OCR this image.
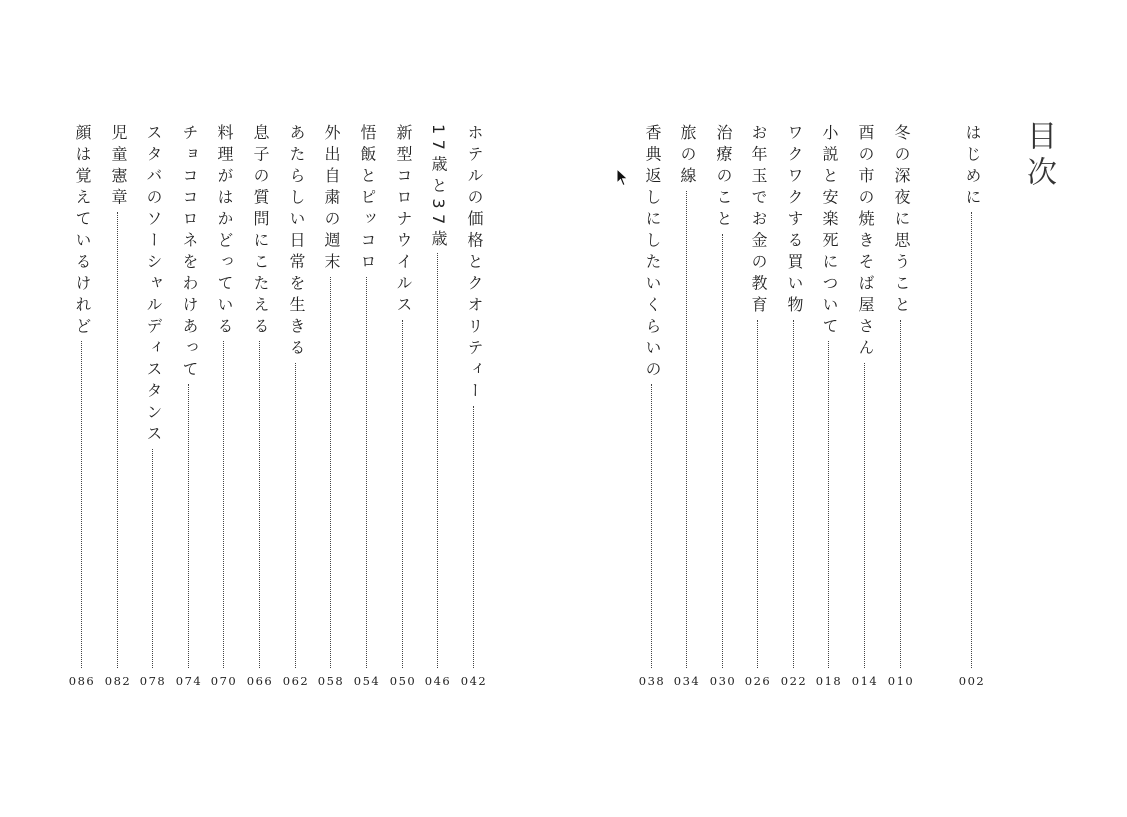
目次
はじめに
002
冬の深夜に思うこと
010
酉の市の焼きそば屋さん
014
小説と安楽死について
018
ワクワクする買い物
022
お年玉でお金の教育
026
治療のこと
030
旅の線
034
香典返しにしたいくらいの
038
ホテルの価格とクオリティー
042
17歳と37歳
046
新型コロナウイルス
050
悟飯とピッコロ
054
外出自粛の週末
058
あたらしい日常を生きる
062
息子の質問にこたえる
066
料理がはかどっている
070
チョココロネをわけあって
074
スタバのソーシャルディスタンス
078
児童憲章
082
顔は覚えているけれど
086
